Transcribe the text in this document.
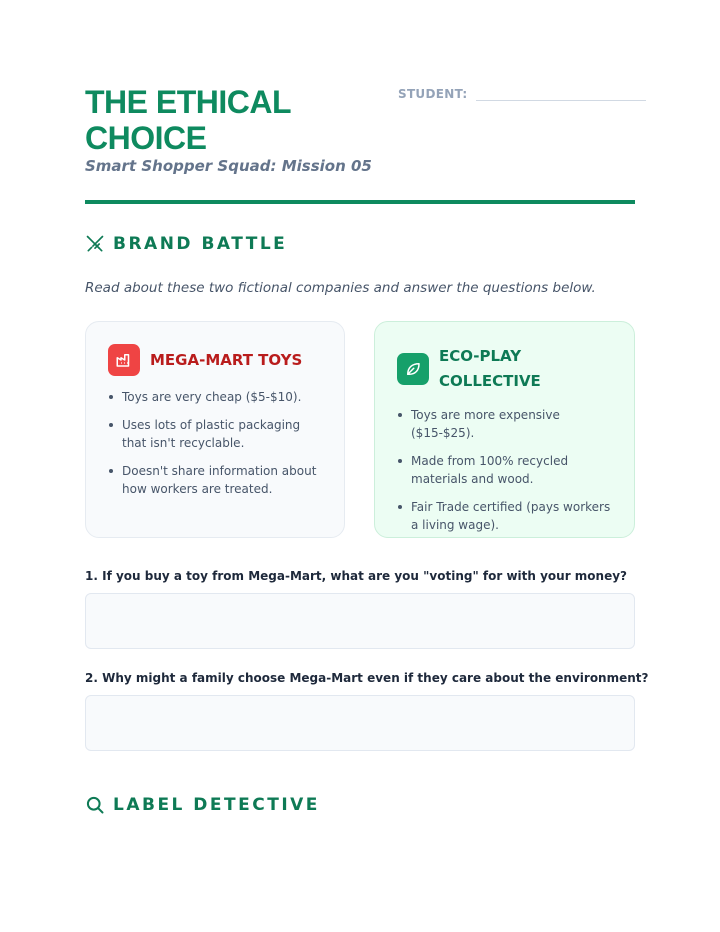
THE ETHICAL CHOICE

Smart Shopper Squad: Mission 05

STUDENT:
BRAND BATTLE

Read about these two fictional companies and answer the questions below.

MEGA-MART TOYS
Toys are very cheap ($5-$10).
Uses lots of plastic packaging that isn't recyclable.
Doesn't share information about how workers are treated.
ECO-PLAY COLLECTIVE
Toys are more expensive ($15-$25).
Made from 100% recycled materials and wood.
Fair Trade certified (pays workers a living wage).

1. If you buy a toy from Mega-Mart, what are you "voting" for with your money?

2. Why might a family choose Mega-Mart even if they care about the environment?

LABEL DETECTIVE
